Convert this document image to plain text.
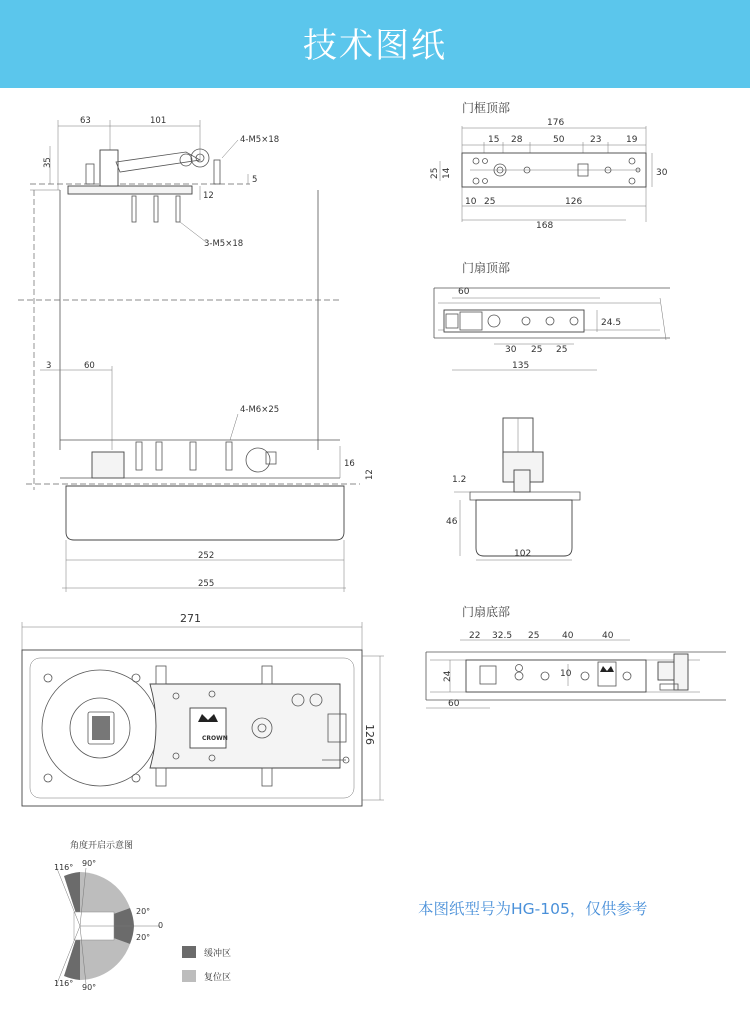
技术图纸
门框顶部
176
15 28	50	23	19
25 14	30
10 25	126
168
门扇顶部
60
24.5
30 25 25
135
1.2
46
102
门扇底部
22 32.5 25	40	40
10
24
60
63	101
35
4-M5×18
5
12
3-M5×18
3	60
4-M6×25
16
12
252
255
271
126
CROWN
角度开启示意图
116° 90°
20°
0
20°
116° 90°
缓冲区
复位区
本图纸型号为HG-105，仅供参考
